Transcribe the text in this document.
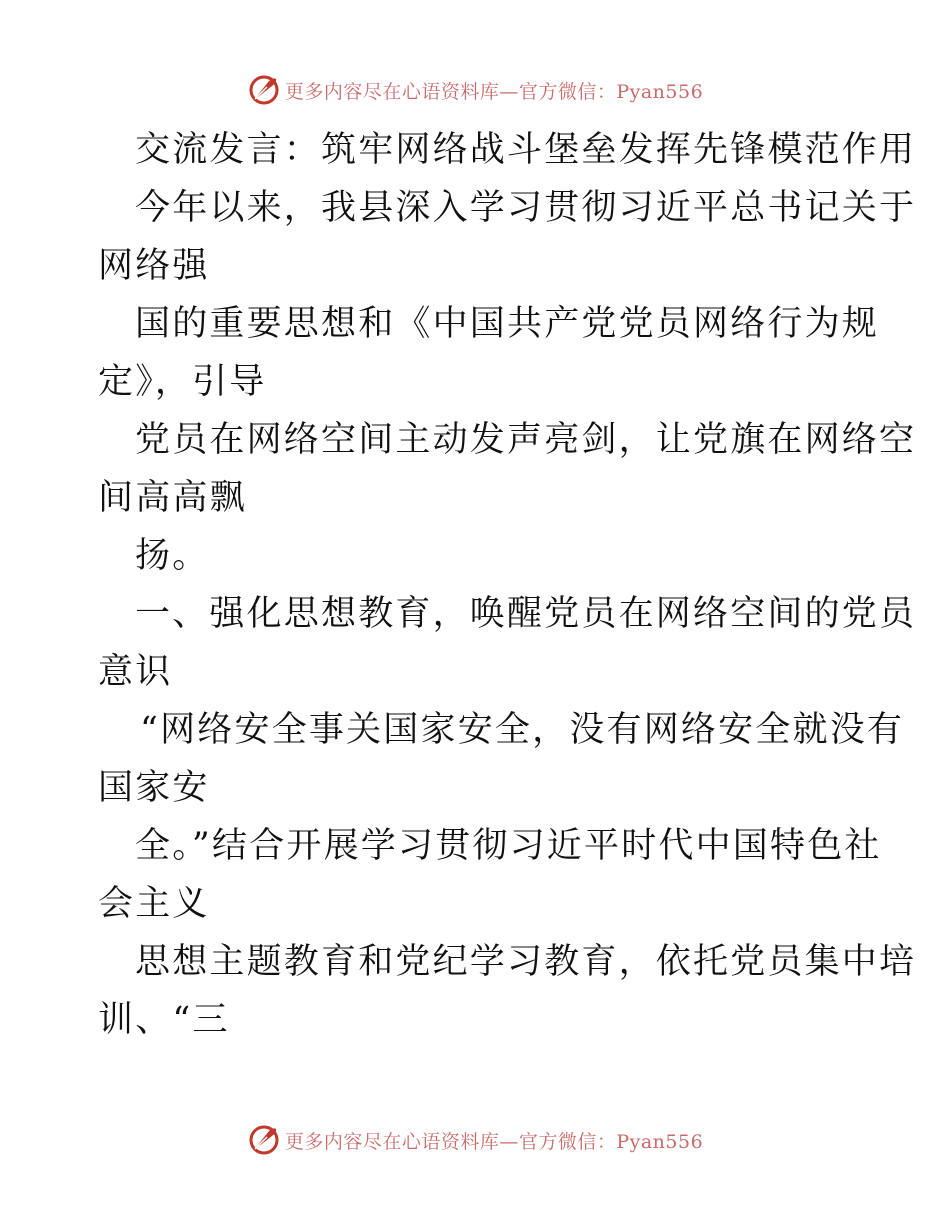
更多内容尽在心语资料库—官方微信：Pyan556
交流发言：筑牢网络战斗堡垒发挥先锋模范作用
今年以来，我县深入学习贯彻习近平总书记关于
网络强
国的重要思想和《中国共产党党员网络行为规
定》，引导
党员在网络空间主动发声亮剑，让党旗在网络空
间高高飘
扬。
一、强化思想教育，唤醒党员在网络空间的党员
意识
“网络安全事关国家安全，没有网络安全就没有
国家安
全。”结合开展学习贯彻习近平时代中国特色社
会主义
思想主题教育和党纪学习教育，依托党员集中培
训、“三
更多内容尽在心语资料库—官方微信：Pyan556
